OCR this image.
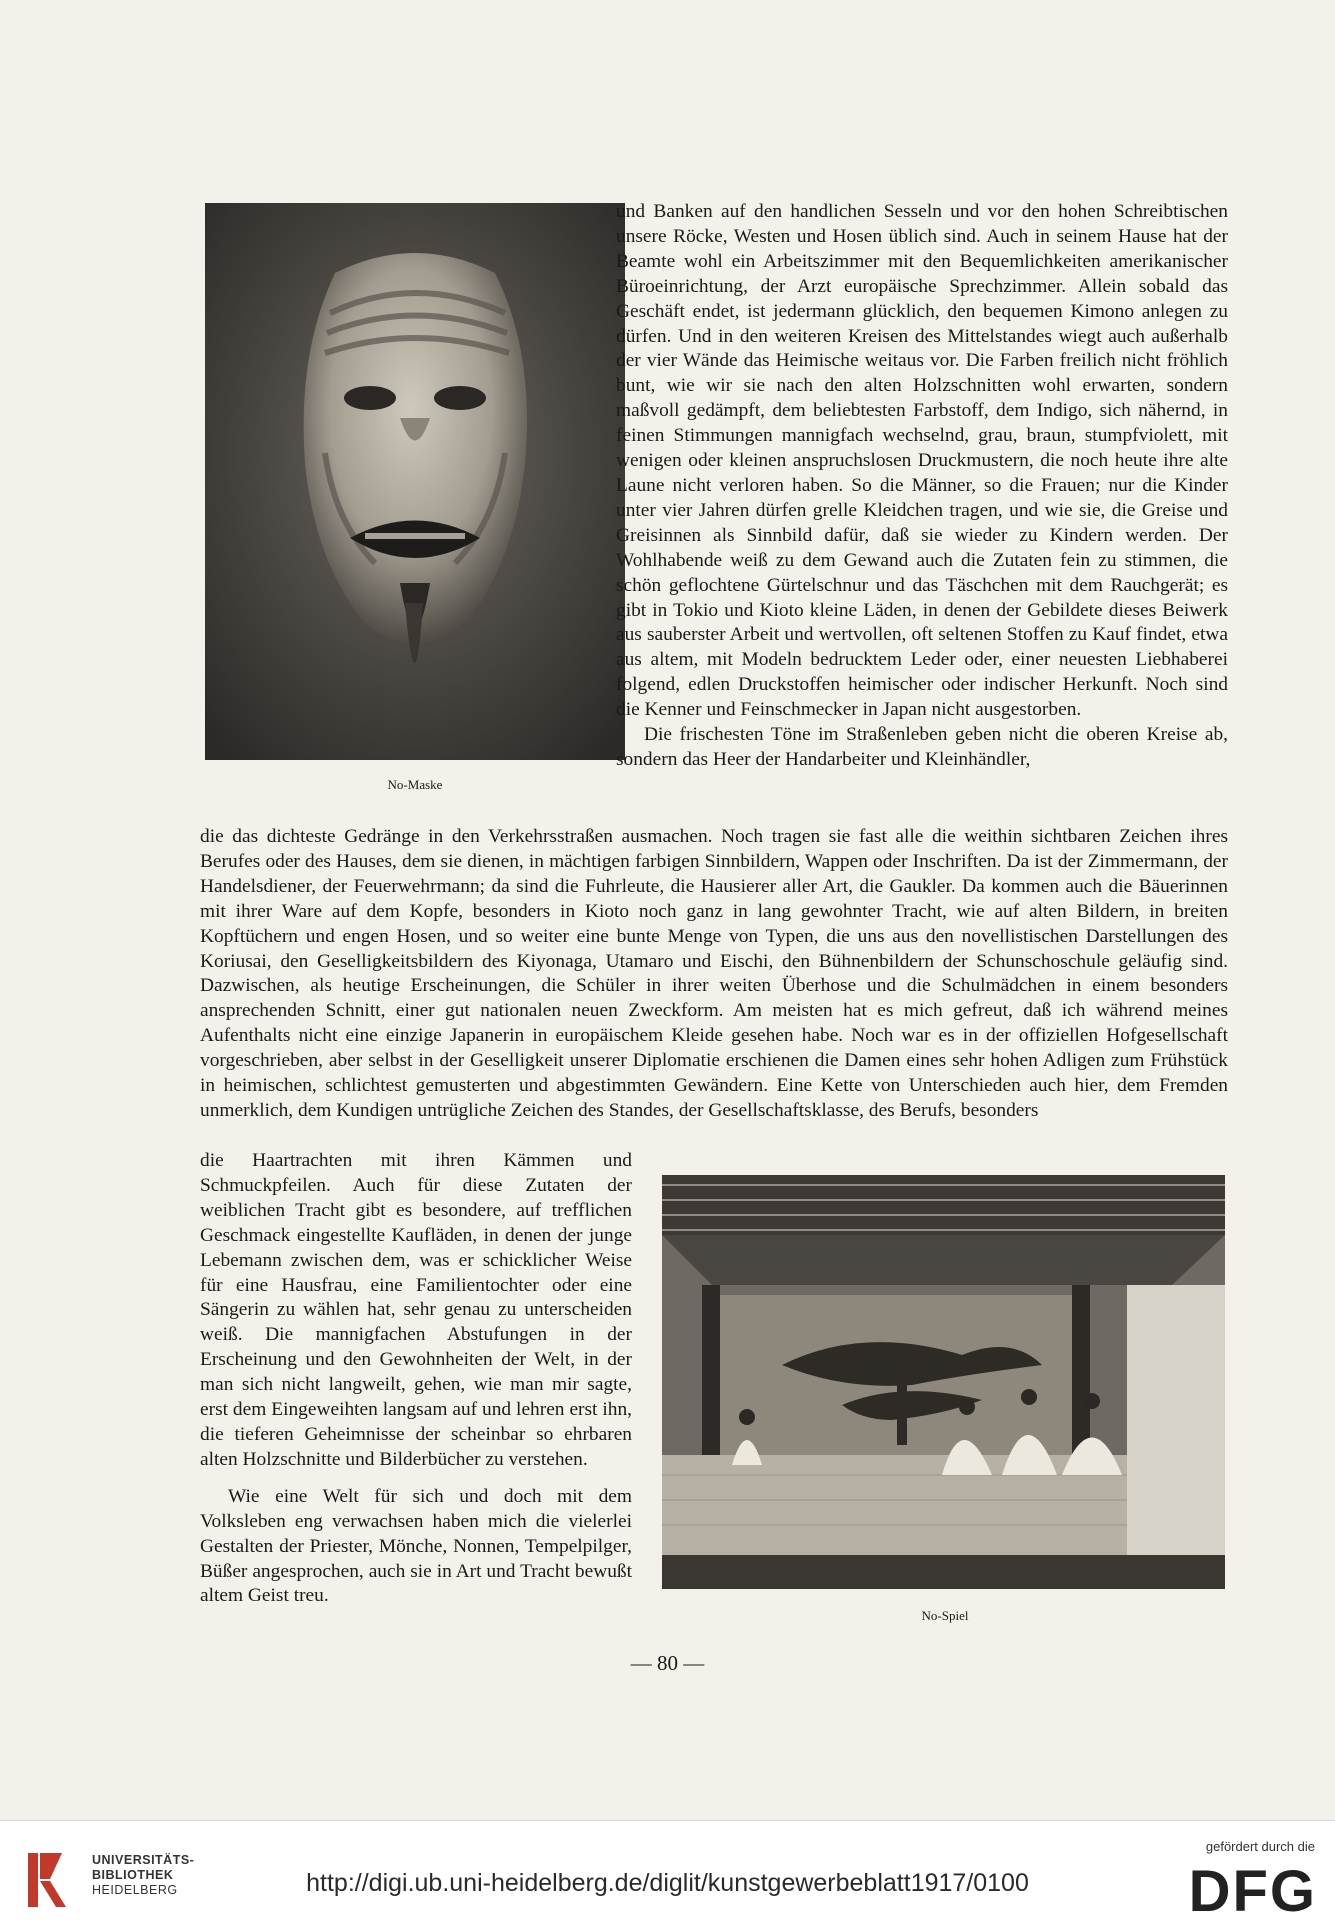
No-Maske

und Banken auf den handlichen Sesseln und vor den hohen Schreibtischen unsere Röcke, Westen und Hosen üblich sind. Auch in seinem Hause hat der Beamte wohl ein Arbeitszimmer mit den Bequemlichkeiten amerikanischer Büroeinrichtung, der Arzt europäische Sprechzimmer. Allein sobald das Geschäft endet, ist jedermann glücklich, den bequemen Kimono anlegen zu dürfen. Und in den weiteren Kreisen des Mittelstandes wiegt auch außerhalb der vier Wände das Heimische weitaus vor. Die Farben freilich nicht fröhlich bunt, wie wir sie nach den alten Holzschnitten wohl erwarten, sondern maßvoll gedämpft, dem beliebtesten Farbstoff, dem Indigo, sich nähernd, in feinen Stimmungen mannigfach wechselnd, grau, braun, stumpfviolett, mit wenigen oder kleinen anspruchslosen Druckmustern, die noch heute ihre alte Laune nicht verloren haben. So die Männer, so die Frauen; nur die Kinder unter vier Jahren dürfen grelle Kleidchen tragen, und wie sie, die Greise und Greisinnen als Sinnbild dafür, daß sie wieder zu Kindern werden. Der Wohlhabende weiß zu dem Gewand auch die Zutaten fein zu stimmen, die schön geflochtene Gürtelschnur und das Täschchen mit dem Rauchgerät; es gibt in Tokio und Kioto kleine Läden, in denen der Gebildete dieses Beiwerk aus sauberster Arbeit und wertvollen, oft seltenen Stoffen zu Kauf findet, etwa aus altem, mit Modeln bedrucktem Leder oder, einer neuesten Liebhaberei folgend, edlen Druckstoffen heimischer oder indischer Herkunft. Noch sind die Kenner und Feinschmecker in Japan nicht ausgestorben.
Die frischesten Töne im Straßenleben geben nicht die oberen Kreise ab, sondern das Heer der Handarbeiter und Kleinhändler,
die das dichteste Gedränge in den Verkehrsstraßen ausmachen. Noch tragen sie fast alle die weithin sichtbaren Zeichen ihres Berufes oder des Hauses, dem sie dienen, in mächtigen farbigen Sinnbildern, Wappen oder Inschriften. Da ist der Zimmermann, der Handelsdiener, der Feuerwehrmann; da sind die Fuhrleute, die Hausierer aller Art, die Gaukler. Da kommen auch die Bäuerinnen mit ihrer Ware auf dem Kopfe, besonders in Kioto noch ganz in lang gewohnter Tracht, wie auf alten Bildern, in breiten Kopftüchern und engen Hosen, und so weiter eine bunte Menge von Typen, die uns aus den novellistischen Darstellungen des Koriusai, den Geselligkeitsbildern des Kiyonaga, Utamaro und Eischi, den Bühnenbildern der Schunschoschule geläufig sind. Dazwischen, als heutige Erscheinungen, die Schüler in ihrer weiten Überhose und die Schulmädchen in einem besonders ansprechenden Schnitt, einer gut nationalen neuen Zweckform. Am meisten hat es mich gefreut, daß ich während meines Aufenthalts nicht eine einzige Japanerin in europäischem Kleide gesehen habe. Noch war es in der offiziellen Hofgesellschaft vorgeschrieben, aber selbst in der Geselligkeit unserer Diplomatie erschienen die Damen eines sehr hohen Adligen zum Frühstück in heimischen, schlichtest gemusterten und abgestimmten Gewändern. Eine Kette von Unterschieden auch hier, dem Fremden unmerklich, dem Kundigen untrügliche Zeichen des Standes, der Gesellschaftsklasse, des Berufs, besonders
die Haartrachten mit ihren Kämmen und Schmuckpfeilen. Auch für diese Zutaten der weiblichen Tracht gibt es besondere, auf trefflichen Geschmack eingestellte Kaufläden, in denen der junge Lebemann zwischen dem, was er schicklicher Weise für eine Hausfrau, eine Familientochter oder eine Sängerin zu wählen hat, sehr genau zu unterscheiden weiß. Die mannigfachen Abstufungen in der Erscheinung und den Gewohnheiten der Welt, in der man sich nicht langweilt, gehen, wie man mir sagte, erst dem Eingeweihten langsam auf und lehren erst ihn, die tieferen Geheimnisse der scheinbar so ehrbaren alten Holzschnitte und Bilderbücher zu verstehen.
Wie eine Welt für sich und doch mit dem Volksleben eng verwachsen haben mich die vielerlei Gestalten der Priester, Mönche, Nonnen, Tempelpilger, Büßer angesprochen, auch sie in Art und Tracht bewußt altem Geist treu.

No-Spiel

— 80 —
UNIVERSITÄTS-
BIBLIOTHEK
HEIDELBERG	http://digi.ub.uni-heidelberg.de/diglit/kunstgewerbeblatt1917/0100
gefördert durch die
DFG
